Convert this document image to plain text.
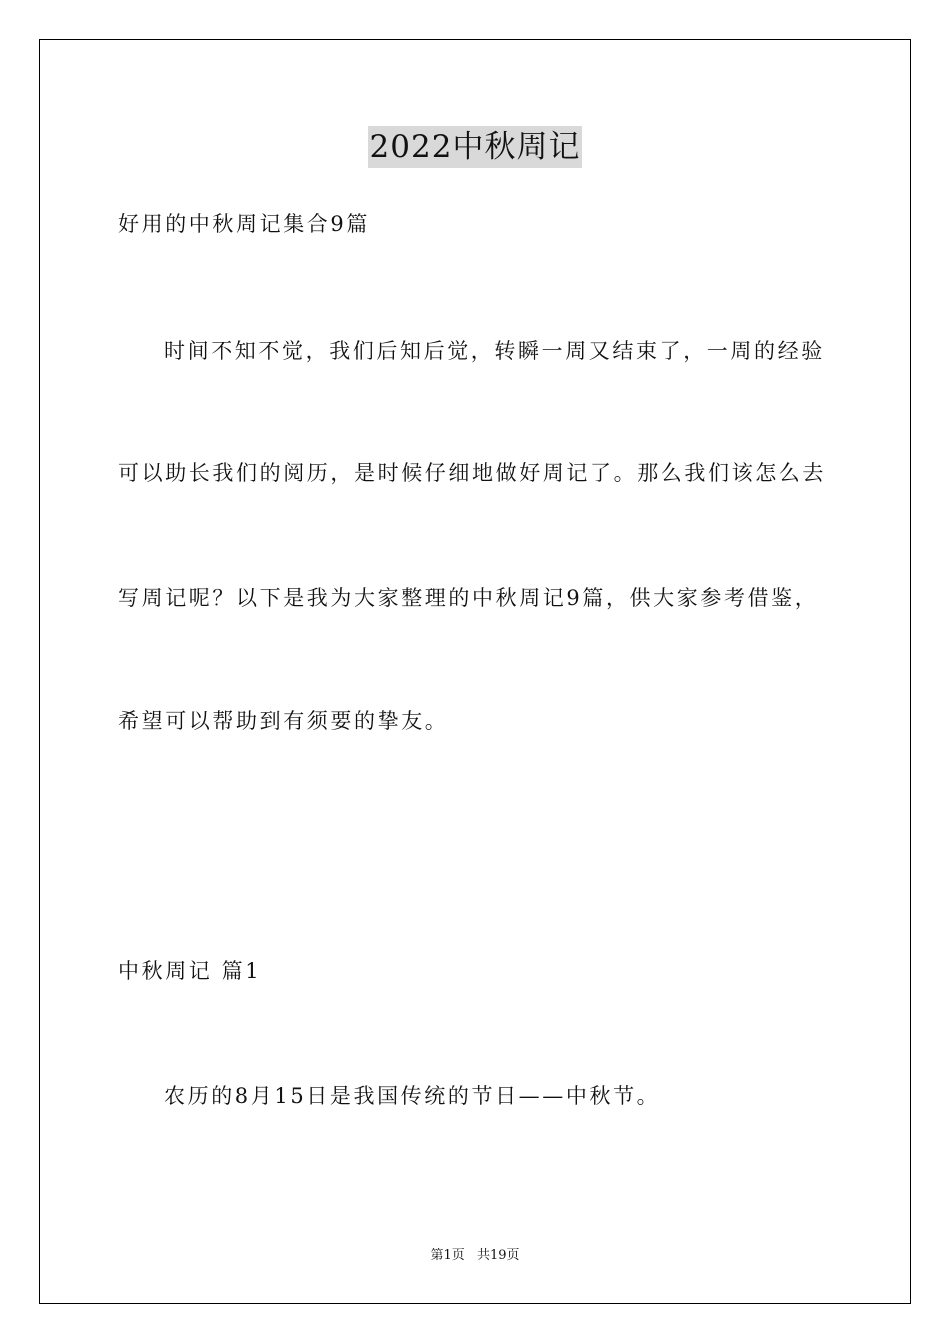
2022中秋周记
好用的中秋周记集合9篇
时间不知不觉，我们后知后觉，转瞬一周又结束了，一周的经验
可以助长我们的阅历，是时候仔细地做好周记了。那么我们该怎么去
写周记呢？以下是我为大家整理的中秋周记9篇，供大家参考借鉴，
希望可以帮助到有须要的挚友。
中秋周记 篇1
农历的8月15日是我国传统的节日——中秋节。
第1页 共19页
